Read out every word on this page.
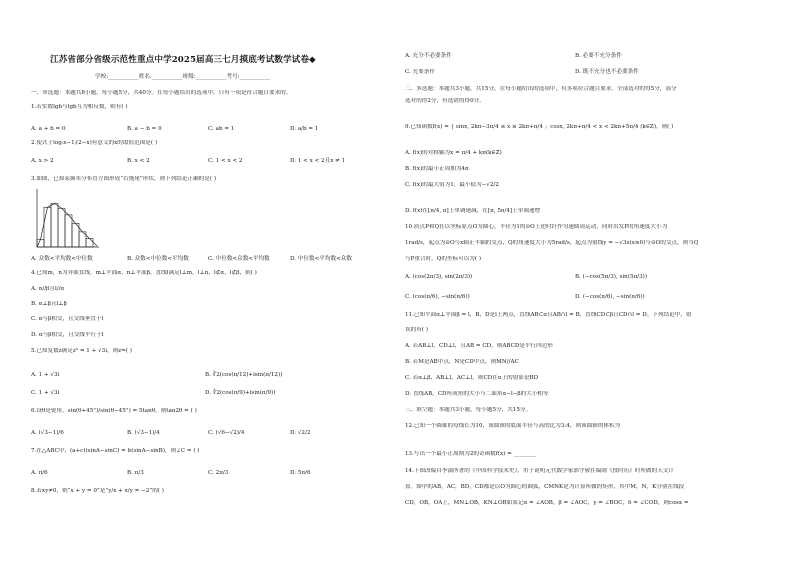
江苏省部分省级示范性重点中学2025届高三七月摸底考试数学试卷◆
学校:___________姓名:___________班级:___________考号:___________
一、单选题：本题共8小题，每小题5分，共40分。在每小题给出的选项中，只有一项是符合题目要求的。
1.若实数lgb与lgb互为相反数，则有( )
2.使式子log₍x−1₎(2−x)有意义的x的取值范围是( )
3.如图，已知某频率分布直方图形成“右拖尾”形状，则下列结论正确的是( )
4.已知m，n为异面直线，m⊥平面α，n⊥平面β，直线l满足l⊥m，l⊥n，l⊄α，l⊄β，则( )
A. α//β且l//α
B. α⊥β且l⊥β
C. α与β相交，且交线垂直于l
D. α与β相交，且交线平行于l
5.已知复数z满足z³ = 1 + √3i，则z=( )
6.设θ是锐角，sin(θ+45°)/sin(θ−45°) = 5tanθ，则tan2θ = ( )
7.在△ABC中，(a+c)(sinA−sinC) = b(sinA−sinB)，则∠C = ( )
8.若xy≠0，则“x + y = 0”是“y/x + x/y = −2”的( )
A. a + b = 0	B. a − b = 0	C. ab = 1	D. a/b = 1
A. x > 2	B. x < 2	C. 1 < x < 2	D. 1 < x < 2且x ≠ 1
A. 众数<平均数<中位数	B. 众数<中位数<平均数	C. 中位数<众数<平均数	D. 中位数<平均数<众数
A. 1 + √3i	B. ∛2(cos(π/12)+isin(π/12))
C. 1 + √3i	D. ∛2(cos(π/9)+isin(π/9))
A. (√3−1)/6	B. (√3−1)/4	C. (√6−√2)/4	D. √2/2
A. π/6	B. π/3	C. 2π/3	D. 5π/6
C. 充要条件
二、多选题：本题共3小题，共15分。在每小题给出的选项中，有多项符合题目要求。全部选对的得5分，部分
选对的得2分，有选错的得0分。
9.已知函数f(x) = { sinx, 2kπ−3π/4 ≤ x ≤ 2kπ+π/4 ；cosx, 2kπ+π/4 < x < 2kπ+5π/4 (k∈Z)，则( )
A. f(x)的对称轴为x = π/4 + kπ(k∈Z)
B. f(x)的最小正周期为4π
C. f(x)的最大值为1，最小值为−√2/2
D. f(x)在[π/4, π]上单调递减，在[π, 5π/4]上单调递增
10.质点P和Q在以坐标原点O为圆心，半径为1的⊙O上逆时针作匀速圆周运动，同时出发P的角速度大小为
1rad/s，起点为⊙O与x轴正半轴的交点，Q的角速度大小为5rad/s，起点为射线y = −√3x(x≥0)与⊙O的交点，则当Q
与P重合时，Q的坐标可以为( )
11.已知平面α⊥平面β = l，B，D是l上两点，直线AB⊂α且AB∩l = B，直线CD⊂β且CD∩l = D。下列结论中，错
误的有( )
A. 若AB⊥l，CD⊥l，且AB = CD，则ABCD是平行四边形
B. 若M是AB中点，N是CD中点，则MN//AC
C. 若α⊥β，AB⊥l，AC⊥l，则CD在α上的射影是BD
D. 直线AB，CD所成角的大小与二面角α−l−β的大小相等
三、填空题：本题共3小题，每小题5分，共15分。
12.已知一个圆锥的母线长为10，该圆锥的底面半径与高的比为3:4，则该圆锥的体积为
13.写出一个最小正周期为2的奇函数f(x) = ________
14.下图改编自李潢所著的《中国科学技术史》，用于说明元代数学家郭守敬在编制《授时历》时所做的天文计
算。图中的AB，AC，BD，CD都是以O为圆心的圆弧，CMNK是为计算所做的矩形，其中M，N，K分别在线段
CD，OB，OA上，MN⊥OB，KN⊥OB如果记α = ∠AOB，β = ∠AOC，γ = ∠BOC，δ = ∠COD，则cosα =
A. 充分不必要条件	B. 必要不充分条件
D. 既不充分也不必要条件
A. (cos(2π/3), sin(2π/3))	B. (−cos(5π/3), sin(5π/3))
C. (cos(π/6), −sin(π/6))	D. (−cos(π/6), −sin(π/6))
